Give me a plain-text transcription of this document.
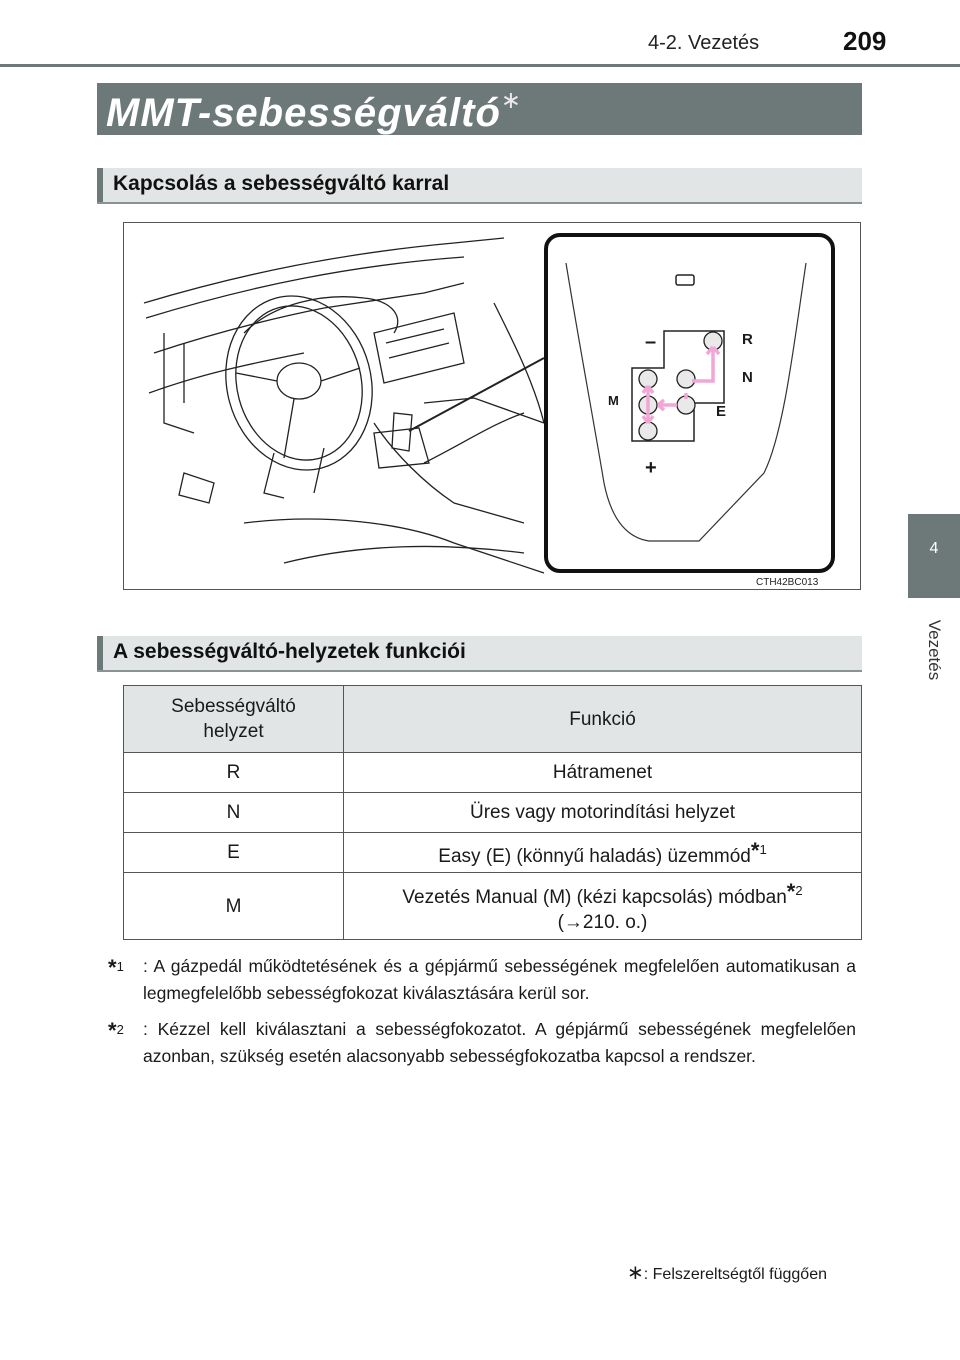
4-2. Vezetés	209
4
Vezetés
MMT-sebességváltó∗
Kapcsolás a sebességváltó karral
–
+
R
N
E
M
CTH42BC013
A sebességváltó-helyzetek funkciói
Sebességváltó
helyzet	Funkció
R	Hátramenet
N	Üres vagy motorindítási helyzet
E	Easy (E) (könnyű haladás) üzemmód*$^1$
M	Vezetés Manual (M) (kézi kapcsolás) módban*$^2$
(→210. o.)
*$^1$ : A gázpedál működtetésének és a gépjármű sebességének megfelelően automatikusan a legmegfelelőbb sebességfokozat kiválasztására kerül sor.
*$^2$ : Kézzel kell kiválasztani a sebességfokozatot. A gépjármű sebességének megfelelően azonban, szükség esetén alacsonyabb sebességfokozatba kapcsol a rendszer.
∗: Felszereltségtől függően
